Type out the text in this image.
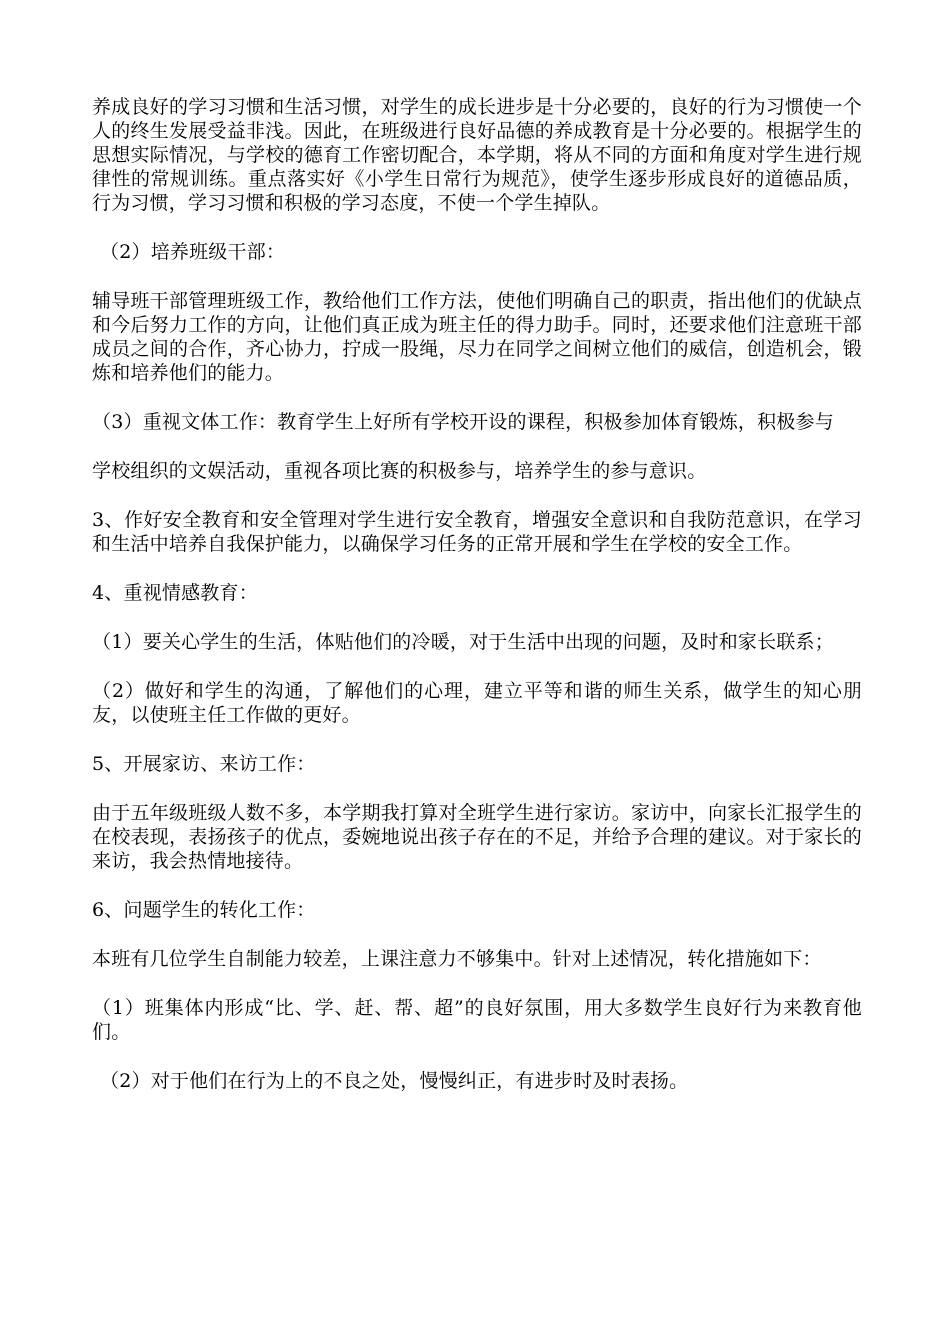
养成良好的学习习惯和生活习惯，对学生的成长进步是十分必要的，良好的行为习惯使一个人的终生发展受益非浅。因此，在班级进行良好品德的养成教育是十分必要的。根据学生的思想实际情况，与学校的德育工作密切配合，本学期，将从不同的方面和角度对学生进行规律性的常规训练。重点落实好《小学生日常行为规范》，使学生逐步形成良好的道德品质，行为习惯，学习习惯和积极的学习态度，不使一个学生掉队。

（2）培养班级干部：

辅导班干部管理班级工作，教给他们工作方法，使他们明确自己的职责，指出他们的优缺点和今后努力工作的方向，让他们真正成为班主任的得力助手。同时，还要求他们注意班干部成员之间的合作，齐心协力，拧成一股绳，尽力在同学之间树立他们的威信，创造机会，锻炼和培养他们的能力。

（3）重视文体工作：教育学生上好所有学校开设的课程，积极参加体育锻炼，积极参与

学校组织的文娱活动，重视各项比赛的积极参与，培养学生的参与意识。

3、作好安全教育和安全管理对学生进行安全教育，增强安全意识和自我防范意识，在学习和生活中培养自我保护能力，以确保学习任务的正常开展和学生在学校的安全工作。

4、重视情感教育：

（1）要关心学生的生活，体贴他们的冷暖，对于生活中出现的问题，及时和家长联系；

（2）做好和学生的沟通，了解他们的心理，建立平等和谐的师生关系，做学生的知心朋友，以使班主任工作做的更好。

5、开展家访、来访工作：

由于五年级班级人数不多，本学期我打算对全班学生进行家访。家访中，向家长汇报学生的在校表现，表扬孩子的优点，委婉地说出孩子存在的不足，并给予合理的建议。对于家长的来访，我会热情地接待。

6、问题学生的转化工作：

本班有几位学生自制能力较差，上课注意力不够集中。针对上述情况，转化措施如下：

（1）班集体内形成“比、学、赶、帮、超”的良好氛围，用大多数学生良好行为来教育他们。

（2）对于他们在行为上的不良之处，慢慢纠正，有进步时及时表扬。
